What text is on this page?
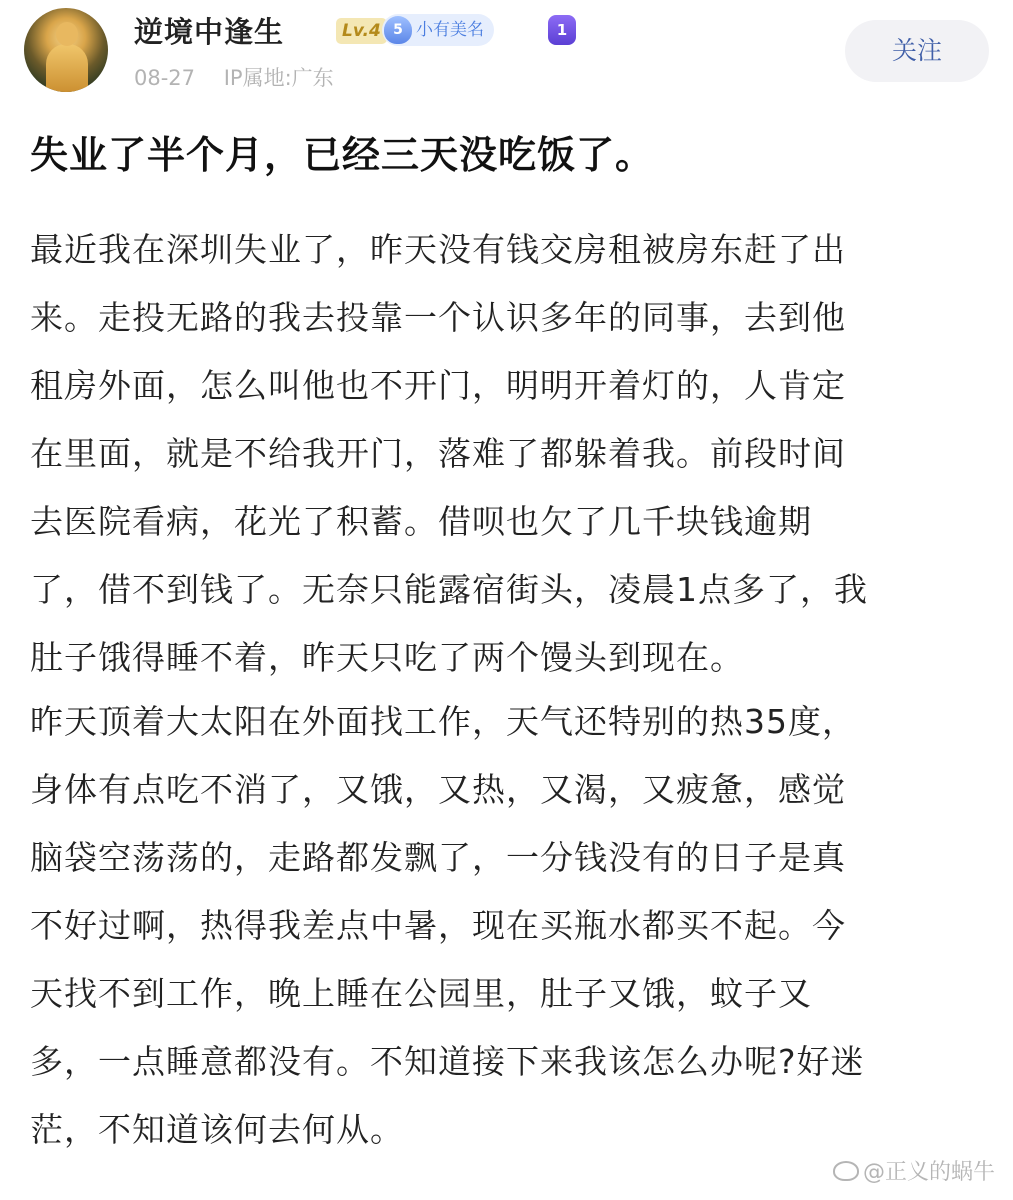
逆境中逢生	Lv.4 5 小有美名	1
08-27 IP属地:广东
关注
失业了半个月，已经三天没吃饭了。
最近我在深圳失业了，昨天没有钱交房租被房东赶了出
来。走投无路的我去投靠一个认识多年的同事，去到他
租房外面，怎么叫他也不开门，明明开着灯的，人肯定
在里面，就是不给我开门，落难了都躲着我。前段时间
去医院看病，花光了积蓄。借呗也欠了几千块钱逾期
了，借不到钱了。无奈只能露宿街头，凌晨1点多了，我
肚子饿得睡不着，昨天只吃了两个馒头到现在。
昨天顶着大太阳在外面找工作，天气还特别的热35度，
身体有点吃不消了，又饿，又热，又渴，又疲惫，感觉
脑袋空荡荡的，走路都发飘了，一分钱没有的日子是真
不好过啊，热得我差点中暑，现在买瓶水都买不起。今
天找不到工作，晚上睡在公园里，肚子又饿，蚊子又
多，一点睡意都没有。不知道接下来我该怎么办呢?好迷
茫，不知道该何去何从。
@正义的蜗牛
